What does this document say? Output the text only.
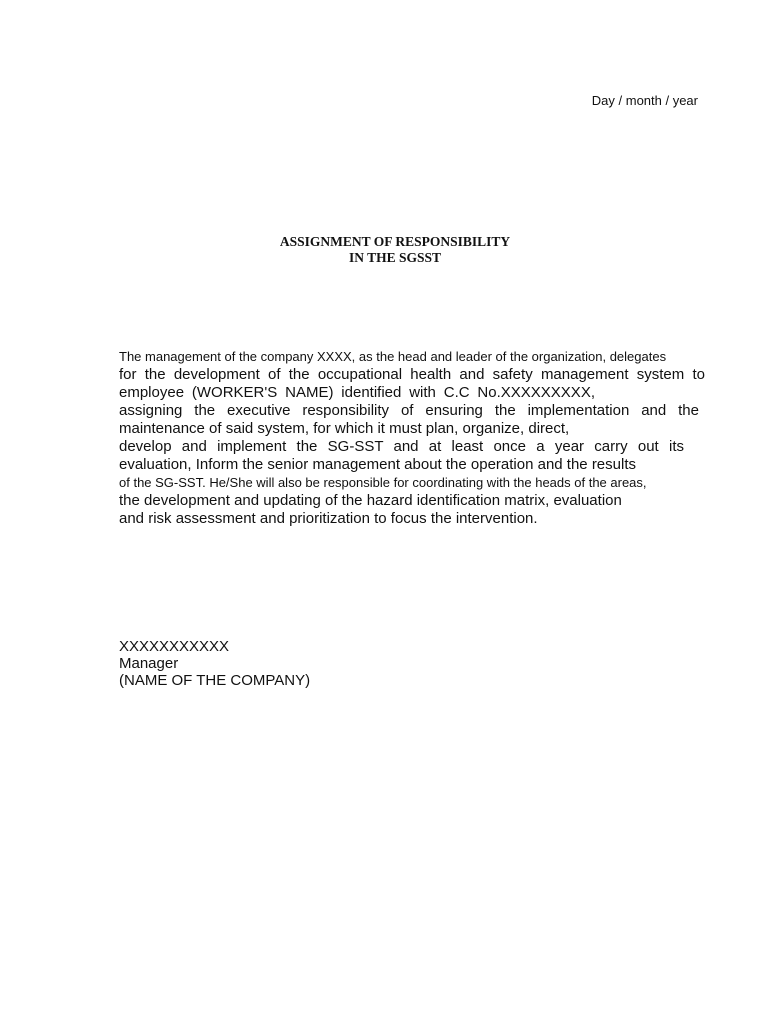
Day / month / year
ASSIGNMENT OF RESPONSIBILITY
IN THE SGSST
The management of the company XXXX, as the head and leader of the organization, delegates
for the development of the occupational health and safety management system to
employee (WORKER'S NAME) identified with C.C No.XXXXXXXXX,
assigning the executive responsibility of ensuring the implementation and the
maintenance of said system, for which it must plan, organize, direct,
develop and implement the SG-SST and at least once a year carry out its
evaluation, Inform the senior management about the operation and the results
of the SG-SST. He/She will also be responsible for coordinating with the heads of the areas,
the development and updating of the hazard identification matrix, evaluation
and risk assessment and prioritization to focus the intervention.
XXXXXXXXXXX
Manager
(NAME OF THE COMPANY)
